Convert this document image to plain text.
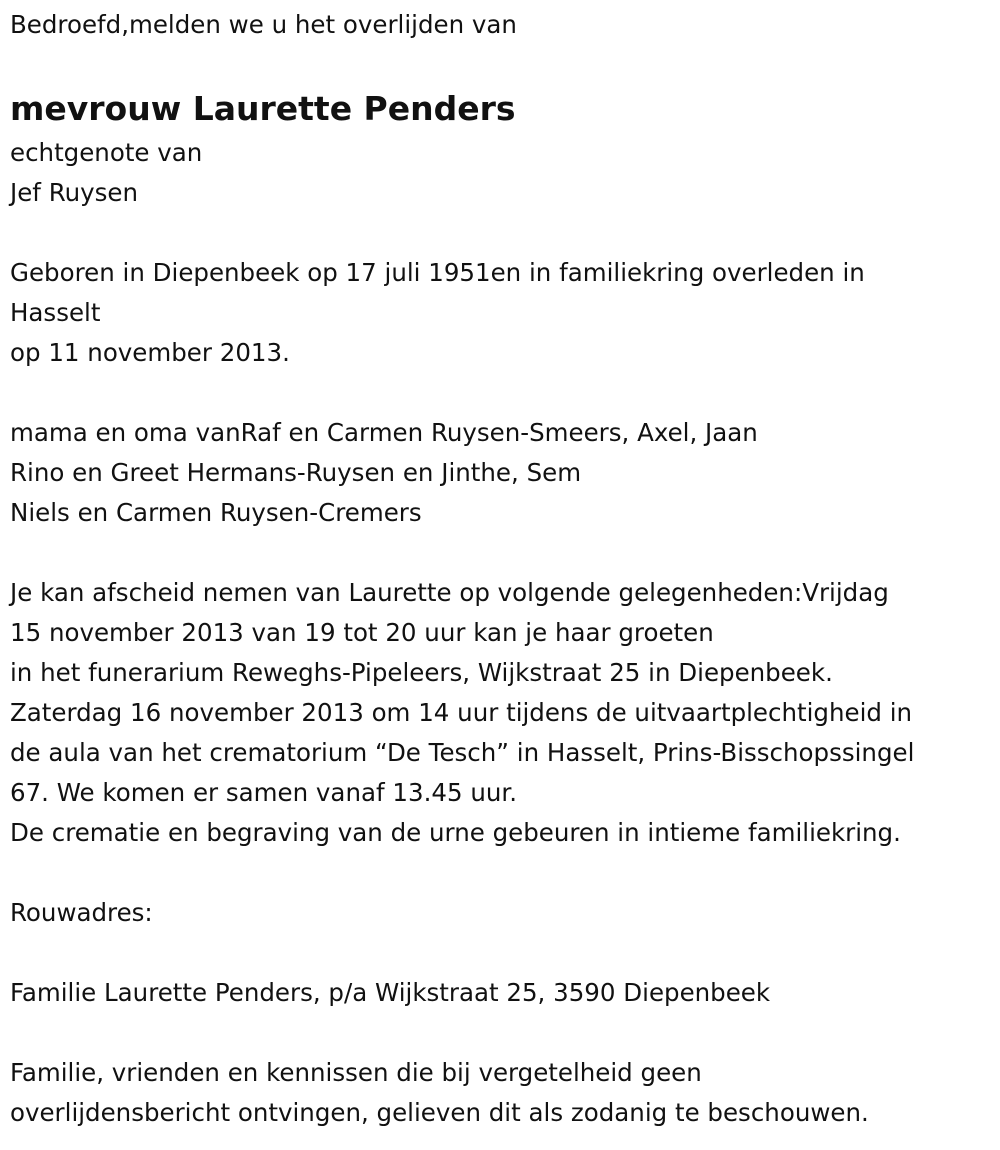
Bedroefd,melden we u het overlijden van
mevrouw Laurette Penders
echtgenote van
Jef Ruysen
Geboren in Diepenbeek op 17 juli 1951en in familiekring overleden in
Hasselt
op 11 november 2013.
mama en oma vanRaf en Carmen Ruysen-Smeers, Axel, Jaan
Rino en Greet Hermans-Ruysen en Jinthe, Sem
Niels en Carmen Ruysen-Cremers
Je kan afscheid nemen van Laurette op volgende gelegenheden:Vrijdag
15 november 2013 van 19 tot 20 uur kan je haar groeten
in het funerarium Reweghs-Pipeleers, Wijkstraat 25 in Diepenbeek.
Zaterdag 16 november 2013 om 14 uur tijdens de uitvaartplechtigheid in
de aula van het crematorium “De Tesch” in Hasselt, Prins-Bisschopssingel
67. We komen er samen vanaf 13.45 uur.
De crematie en begraving van de urne gebeuren in intieme familiekring.
Rouwadres:
Familie Laurette Penders, p/a Wijkstraat 25, 3590 Diepenbeek
Familie, vrienden en kennissen die bij vergetelheid geen
overlijdensbericht ontvingen, gelieven dit als zodanig te beschouwen.
